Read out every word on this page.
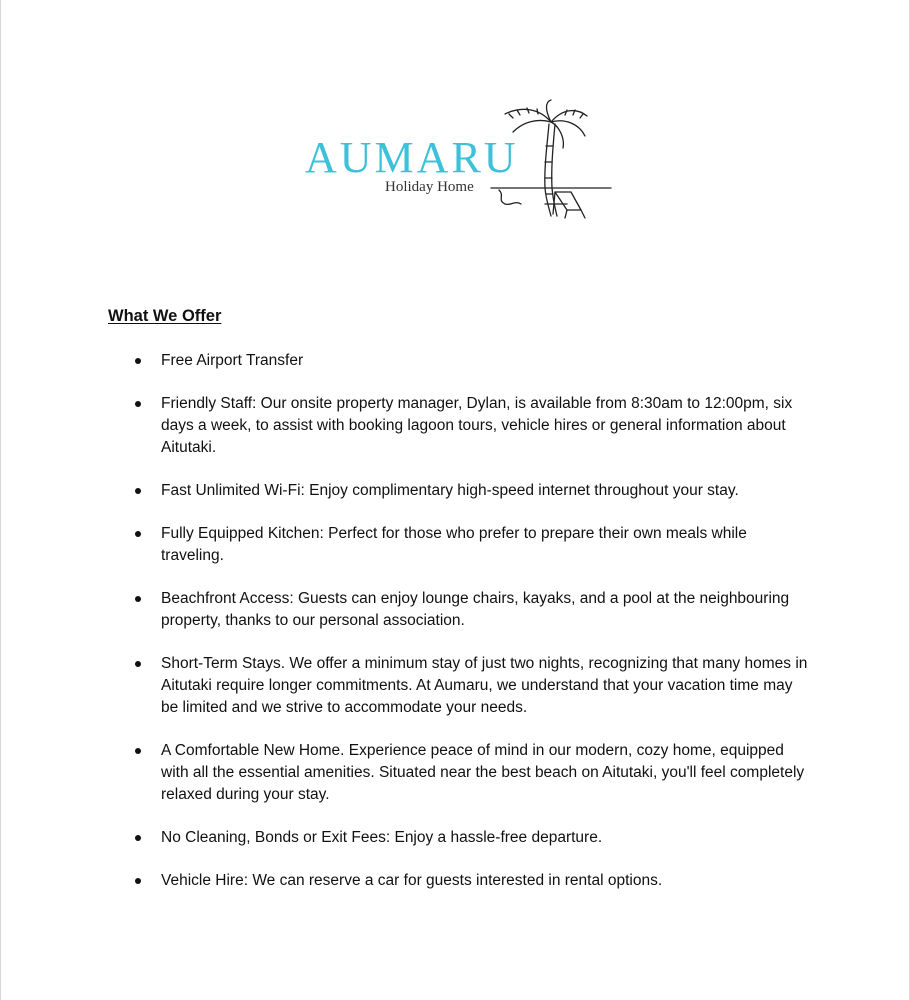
AUMARU
Holiday Home
What We Offer
Free Airport Transfer
Friendly Staff: Our onsite property manager, Dylan, is available from 8:30am to 12:00pm, six days a week, to assist with booking lagoon tours, vehicle hires or general information about Aitutaki.
Fast Unlimited Wi-Fi: Enjoy complimentary high-speed internet throughout your stay.
Fully Equipped Kitchen: Perfect for those who prefer to prepare their own meals while traveling.
Beachfront Access: Guests can enjoy lounge chairs, kayaks, and a pool at the neighbouring property, thanks to our personal association.
Short-Term Stays. We offer a minimum stay of just two nights, recognizing that many homes in Aitutaki require longer commitments. At Aumaru, we understand that your vacation time may be limited and we strive to accommodate your needs.
A Comfortable New Home. Experience peace of mind in our modern, cozy home, equipped with all the essential amenities. Situated near the best beach on Aitutaki, you'll feel completely relaxed during your stay.
No Cleaning, Bonds or Exit Fees: Enjoy a hassle-free departure.
Vehicle Hire: We can reserve a car for guests interested in rental options.
